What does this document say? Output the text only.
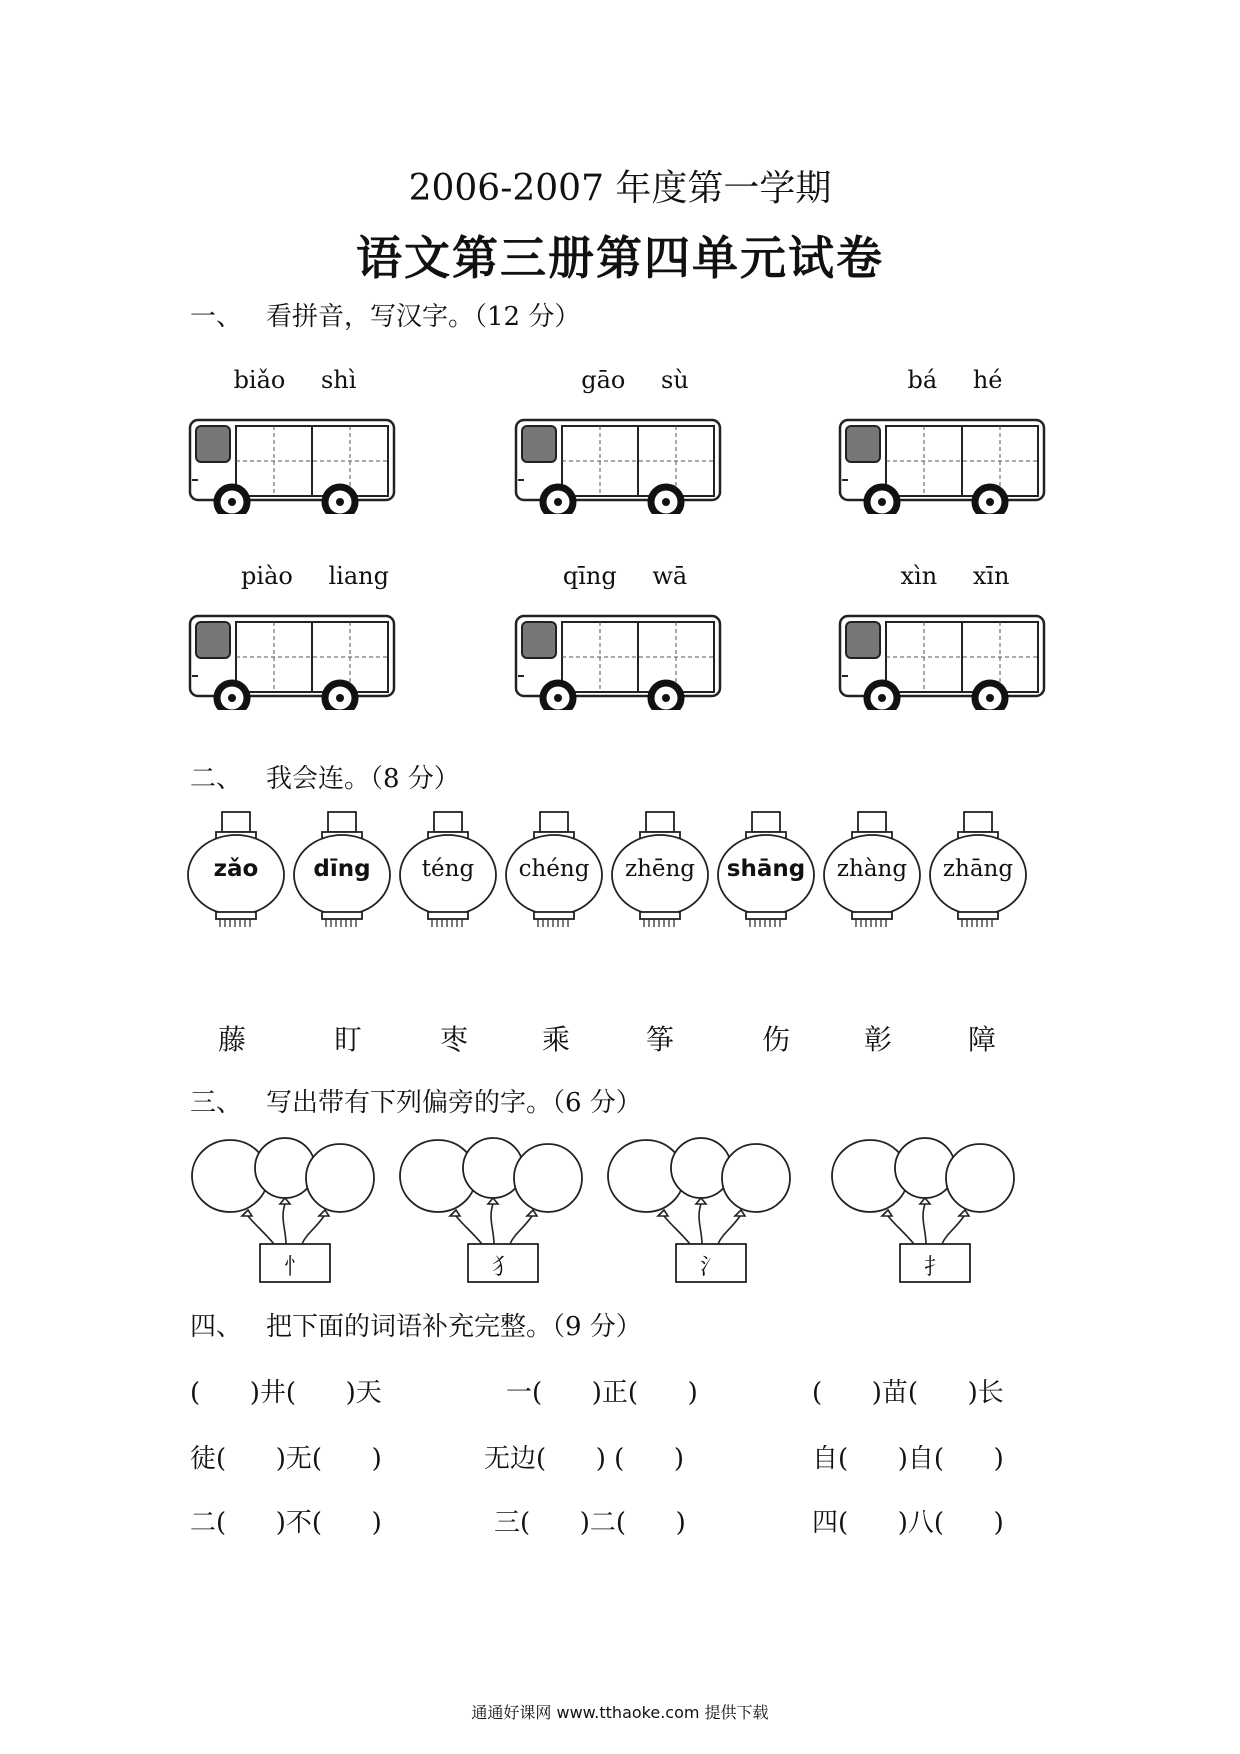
2006-2007 年度第一学期
语文第三册第四单元试卷
一、 看拼音，写汉字。（12 分）
biǎo shì	gāo sù	bá hé
piào liang	qīng wā	xìn xīn
二、 我会连。（8 分）
zǎo	dīng	téng	chéng	zhēng	shāng	zhàng	zhāng
藤	盯	枣	乘	筝	伤	彰	障
三、 写出带有下列偏旁的字。（6 分）
忄	犭	氵	扌
四、 把下面的词语补充完整。（9 分）
(      )井(      )天	一(      )正(      )	(      )苗(      )长
徒(      )无(      )	无边(      ) (      )	自(      )自(      )
二(      )不(      )	三(      )二(      )	四(      )八(      )
通通好课网 www.tthaoke.com 提供下载
